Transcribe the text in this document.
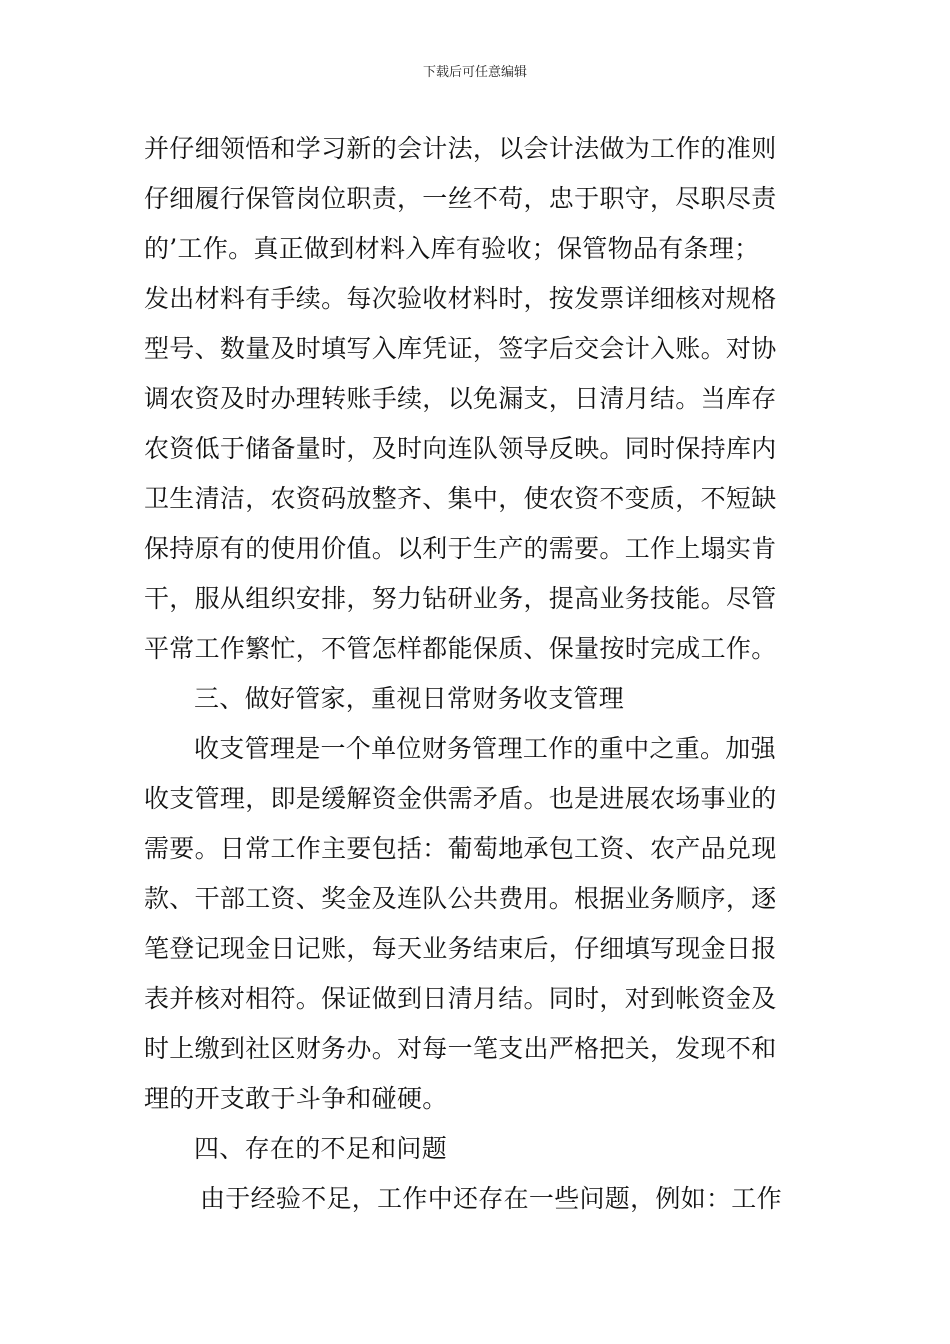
下载后可任意编辑
并仔细领悟和学习新的会计法，以会计法做为工作的准则
仔细履行保管岗位职责，一丝不苟，忠于职守，尽职尽责
的’工作。真正做到材料入库有验收；保管物品有条理；
发出材料有手续。每次验收材料时，按发票详细核对规格
型号、数量及时填写入库凭证，签字后交会计入账。对协
调农资及时办理转账手续，以免漏支，日清月结。当库存
农资低于储备量时，及时向连队领导反映。同时保持库内
卫生清洁，农资码放整齐、集中，使农资不变质，不短缺
保持原有的使用价值。以利于生产的需要。工作上塌实肯
干，服从组织安排，努力钻研业务，提高业务技能。尽管
平常工作繁忙，不管怎样都能保质、保量按时完成工作。
三、做好管家，重视日常财务收支管理
收支管理是一个单位财务管理工作的重中之重。加强
收支管理，即是缓解资金供需矛盾。也是进展农场事业的
需要。日常工作主要包括：葡萄地承包工资、农产品兑现
款、干部工资、奖金及连队公共费用。根据业务顺序，逐
笔登记现金日记账，每天业务结束后，仔细填写现金日报
表并核对相符。保证做到日清月结。同时，对到帐资金及
时上缴到社区财务办。对每一笔支出严格把关，发现不和
理的开支敢于斗争和碰硬。
四、存在的不足和问题
由于经验不足，工作中还存在一些问题，例如：工作
